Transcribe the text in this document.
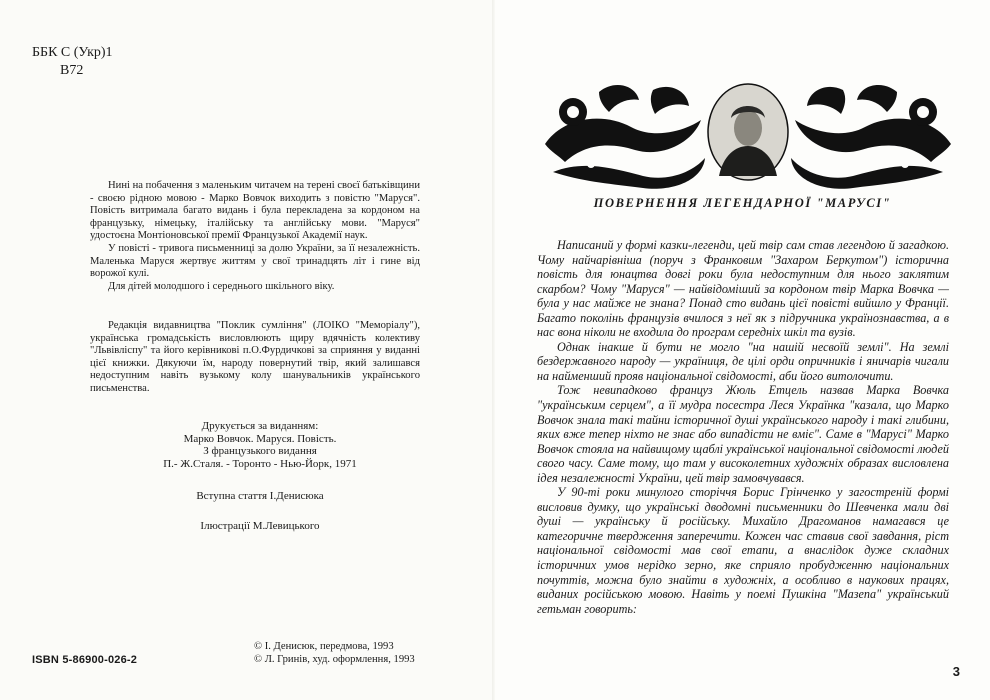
ББК С (Укр)1
В72

Нині на побачення з маленьким читачем на терені своєї батьківщини - своєю рідною мовою - Марко Вовчок виходить з повістю "Маруся". Повість витримала багато видань і була перекладена за кордоном на французьку, німецьку, італійську та англійську мови. "Маруся" удостоєна Монтіоновської премії Французької Академії наук.

У повісті - тривога письменниці за долю України, за її незалежність. Маленька Маруся жертвує життям у свої тринадцять літ і гине від ворожої кулі.

Для дітей молодшого і середнього шкільного віку.

Редакція видавництва "Поклик сумління" (ЛОІКО "Меморіалу"), українська громадськість висловлюють щиру вдячність колективу "Львівліспу" та його керівникові п.О.Фурдичкові за сприяння у виданні цієї книжки. Дякуючи їм, народу повернутий твір, який залишався недоступним навіть вузькому колу шанувальників українського письменства.

Друкується за виданням:
Марко Вовчок. Маруся. Повість.
З французького видання
П.- Ж.Сталя. - Торонто - Нью-Йорк, 1971
Вступна стаття І.Денисюка
Ілюстрації М.Левицького
ISBN 5-86900-026-2
© І. Денисюк, передмова, 1993
© Л. Гринів, худ. оформлення, 1993
ПОВЕРНЕННЯ ЛЕГЕНДАРНОЇ "МАРУСІ"

Написаний у формі казки-легенди, цей твір сам став легендою й загадкою. Чому найчарівніша (поруч з Франковим "Захаром Беркутом") історична повість для юнацтва довгі роки була недоступним для нього заклятим скарбом? Чому "Маруся" — найвідоміший за кордоном твір Марка Вовчка — була у нас майже не знана? Понад сто видань цієї повісті вийшло у Франції. Багато поколінь французів вчилося з неї як з підручника українознавства, а в нас вона ніколи не входила до програм середніх шкіл та вузів.

Однак інакше й бути не могло "на нашій несвоїй землі". На землі бездержавного народу — україниця, де цілі орди опричників і яничарів чигали на найменший прояв національної свідомості, аби його витолочити.

Тож невипадково француз Жюль Етцель назвав Марка Вовчка "українським серцем", а її мудра посестра Леся Українка "казала, що Марко Вовчок знала такі тайни історичної душі українського народу і такі глибини, яких вже тепер ніхто не знає або випадісти не вміє". Саме в "Марусі" Марко Вовчок стояла на найвищому щаблі української національної свідомості людей свого часу. Саме тому, що там у високолетних художніх образах висловлена ідея незалежності України, цей твір замовчувався.

У 90-ті роки минулого сторіччя Борис Грінченко у загостреній формі висловив думку, що українські дводомні письменники до Шевченка мали дві душі — українську й російську. Михайло Драгоманов намагався це категоричне твердження заперечити. Кожен час ставив свої завдання, ріст національної свідомості мав свої етапи, а внаслідок дуже складних історичних умов нерідко зерно, яке сприяло пробудженню національних почуттів, можна було знайти в художніх, а особливо в наукових працях, виданих російською мовою. Навіть у поемі Пушкіна "Мазепа" український гетьман говорить:

3
